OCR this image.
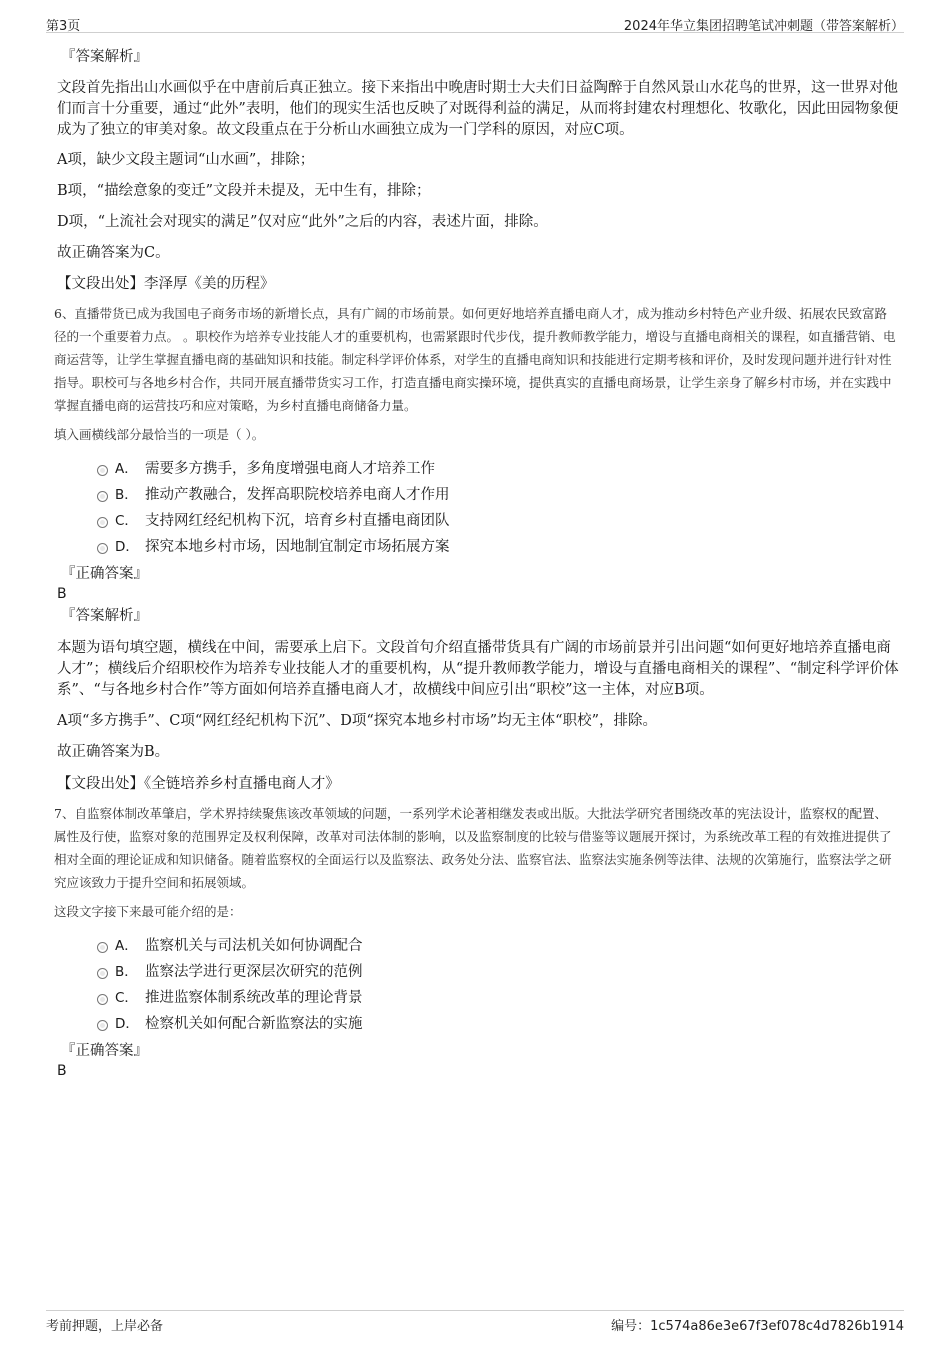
第3页	2024年华立集团招聘笔试冲刺题（带答案解析）

『答案解析』

文段首先指出山水画似乎在中唐前后真正独立。接下来指出中晚唐时期士大夫们日益陶醉于自然风景山水花鸟的世界，这一世界对他们而言十分重要，通过“此外”表明，他们的现实生活也反映了对既得利益的满足，从而将封建农村理想化、牧歌化，因此田园物象便成为了独立的审美对象。故文段重点在于分析山水画独立成为一门学科的原因，对应C项。

A项，缺少文段主题词“山水画”，排除；

B项，“描绘意象的变迁”文段并未提及，无中生有，排除；

D项，“上流社会对现实的满足”仅对应“此外”之后的内容，表述片面，排除。

故正确答案为C。

【文段出处】李泽厚《美的历程》

6、直播带货已成为我国电子商务市场的新增长点，具有广阔的市场前景。如何更好地培养直播电商人才，成为推动乡村特色产业升级、拓展农民致富路径的一个重要着力点。 。职校作为培养专业技能人才的重要机构，也需紧跟时代步伐，提升教师教学能力，增设与直播电商相关的课程，如直播营销、电商运营等，让学生掌握直播电商的基础知识和技能。制定科学评价体系，对学生的直播电商知识和技能进行定期考核和评价，及时发现问题并进行针对性指导。职校可与各地乡村合作，共同开展直播带货实习工作，打造直播电商实操环境，提供真实的直播电商场景，让学生亲身了解乡村市场，并在实践中掌握直播电商的运营技巧和应对策略，为乡村直播电商储备力量。

填入画横线部分最恰当的一项是（ ）。

A． 需要多方携手，多角度增强电商人才培养工作
B． 推动产教融合，发挥高职院校培养电商人才作用
C． 支持网红经纪机构下沉，培育乡村直播电商团队
D． 探究本地乡村市场，因地制宜制定市场拓展方案

『正确答案』

B

『答案解析』

本题为语句填空题，横线在中间，需要承上启下。文段首句介绍直播带货具有广阔的市场前景并引出问题“如何更好地培养直播电商人才”；横线后介绍职校作为培养专业技能人才的重要机构，从“提升教师教学能力，增设与直播电商相关的课程”、“制定科学评价体系”、“与各地乡村合作”等方面如何培养直播电商人才，故横线中间应引出“职校”这一主体，对应B项。

A项“多方携手”、C项“网红经纪机构下沉”、D项“探究本地乡村市场”均无主体“职校”，排除。

故正确答案为B。

【文段出处】《全链培养乡村直播电商人才》

7、自监察体制改革肇启，学术界持续聚焦该改革领域的问题，一系列学术论著相继发表或出版。大批法学研究者围绕改革的宪法设计，监察权的配置、属性及行使，监察对象的范围界定及权利保障，改革对司法体制的影响，以及监察制度的比较与借鉴等议题展开探讨，为系统改革工程的有效推进提供了相对全面的理论证成和知识储备。随着监察权的全面运行以及监察法、政务处分法、监察官法、监察法实施条例等法律、法规的次第施行，监察法学之研究应该致力于提升空间和拓展领域。

这段文字接下来最可能介绍的是：

A． 监察机关与司法机关如何协调配合
B． 监察法学进行更深层次研究的范例
C． 推进监察体制系统改革的理论背景
D． 检察机关如何配合新监察法的实施

『正确答案』

B

考前押题，上岸必备	编号：1c574a86e3e67f3ef078c4d7826b1914
